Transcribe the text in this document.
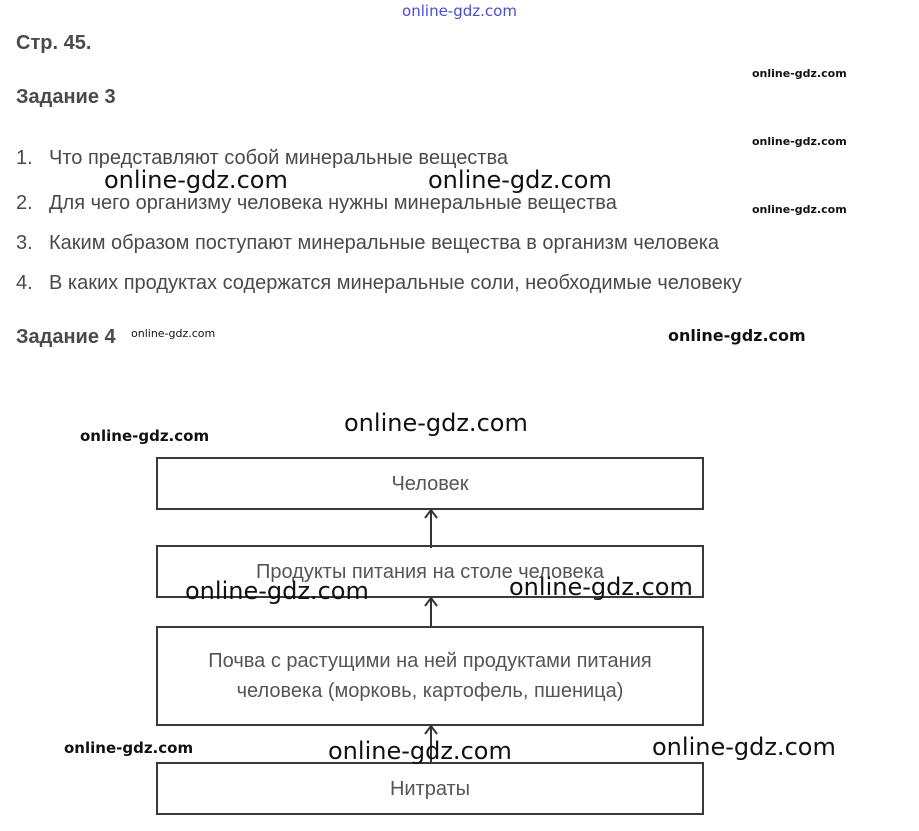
online-gdz.com
Стр. 45.
Задание 3
1. Что представляют собой минеральные вещества
2. Для чего организму человека нужны минеральные вещества
3. Каким образом поступают минеральные вещества в организм человека
4. В каких продуктах содержатся минеральные соли, необходимые человеку
Задание 4
Человек
Продукты питания на столе человека
Почва с растущими на ней продуктами питания
человека (морковь, картофель, пшеница)
Нитраты
online-gdz.com
online-gdz.com
online-gdz.com
online-gdz.com	online-gdz.com
online-gdz.com	online-gdz.com
online-gdz.com	online-gdz.com
online-gdz.com	online-gdz.com
online-gdz.com	online-gdz.com	online-gdz.com
